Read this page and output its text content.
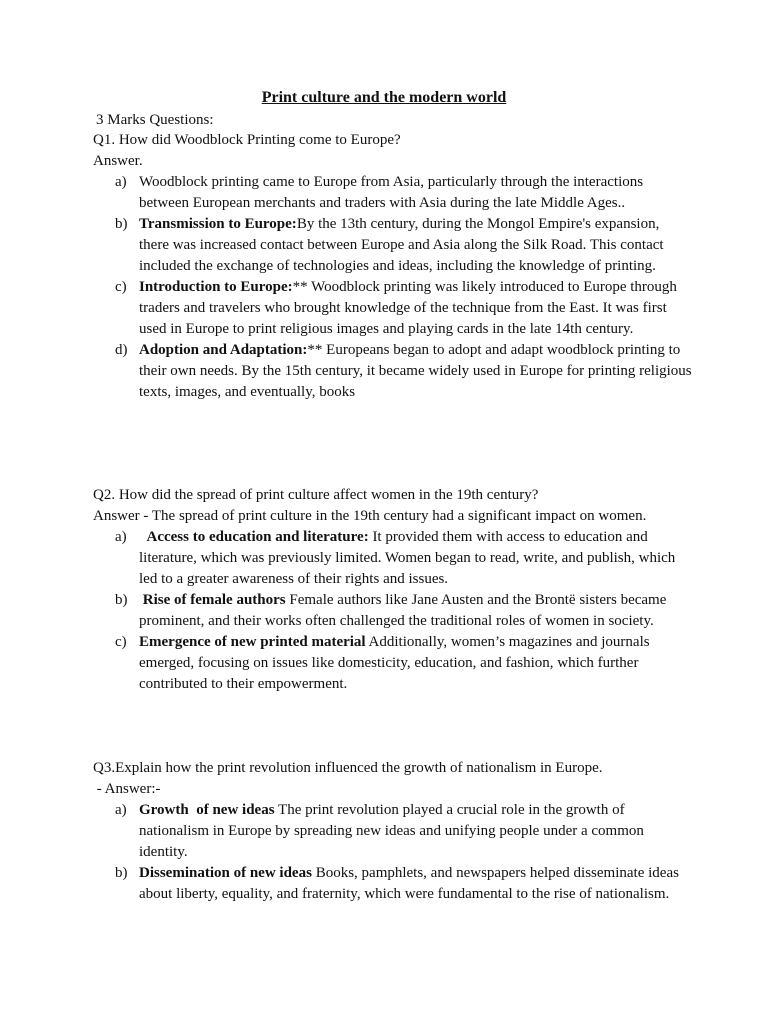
Print culture and the modern world
3 Marks Questions:

Q1. How did Woodblock Printing come to Europe?

Answer.

a) Woodblock printing came to Europe from Asia, particularly through the interactions between European merchants and traders with Asia during the late Middle Ages..
b) Transmission to Europe:By the 13th century, during the Mongol Empire's expansion, there was increased contact between Europe and Asia along the Silk Road. This contact included the exchange of technologies and ideas, including the knowledge of printing.
c) Introduction to Europe:** Woodblock printing was likely introduced to Europe through traders and travelers who brought knowledge of the technique from the East. It was first used in Europe to print religious images and playing cards in the late 14th century.
d) Adoption and Adaptation:** Europeans began to adopt and adapt woodblock printing to their own needs. By the 15th century, it became widely used in Europe for printing religious texts, images, and eventually, books

Q2. How did the spread of print culture affect women in the 19th century?

Answer - The spread of print culture in the 19th century had a significant impact on women.

a) Access to education and literature: It provided them with access to education and literature, which was previously limited. Women began to read, write, and publish, which led to a greater awareness of their rights and issues.
b) Rise of female authors Female authors like Jane Austen and the Brontë sisters became prominent, and their works often challenged the traditional roles of women in society.
c) Emergence of new printed material Additionally, women’s magazines and journals emerged, focusing on issues like domesticity, education, and fashion, which further contributed to their empowerment.

Q3.Explain how the print revolution influenced the growth of nationalism in Europe.

- Answer:-

a) Growth  of new ideas The print revolution played a crucial role in the growth of nationalism in Europe by spreading new ideas and unifying people under a common identity.
b) Dissemination of new ideas Books, pamphlets, and newspapers helped disseminate ideas about liberty, equality, and fraternity, which were fundamental to the rise of nationalism.
